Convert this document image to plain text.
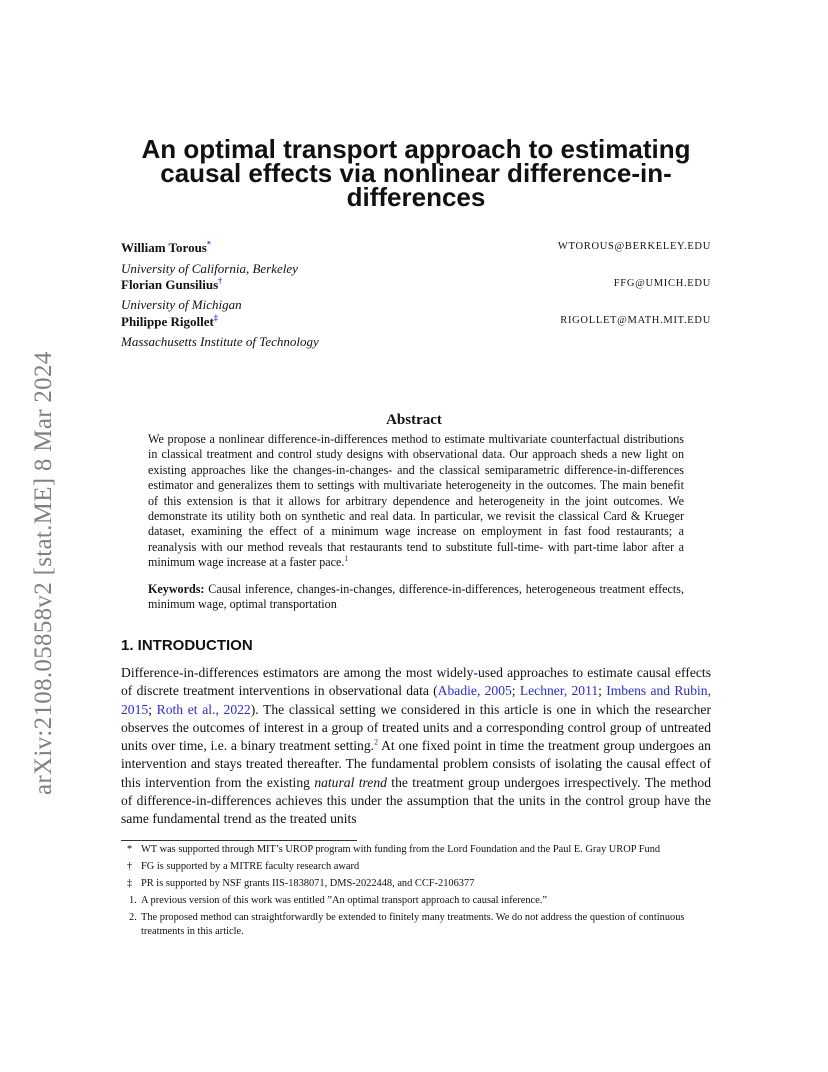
arXiv:2108.05858v2 [stat.ME] 8 Mar 2024
An optimal transport approach to estimating causal effects via nonlinear difference-in-differences
William Torous*	WTOROUS@BERKELEY.EDU
University of California, Berkeley
Florian Gunsilius†	FFG@UMICH.EDU
University of Michigan
Philippe Rigollet‡	RIGOLLET@MATH.MIT.EDU
Massachusetts Institute of Technology
Abstract

We propose a nonlinear difference-in-differences method to estimate multivariate counterfactual distributions in classical treatment and control study designs with observational data. Our approach sheds a new light on existing approaches like the changes-in-changes- and the classical semiparametric difference-in-differences estimator and generalizes them to settings with multivariate heterogeneity in the outcomes. The main benefit of this extension is that it allows for arbitrary dependence and heterogeneity in the joint outcomes. We demonstrate its utility both on synthetic and real data. In particular, we revisit the classical Card & Krueger dataset, examining the effect of a minimum wage increase on employment in fast food restaurants; a reanalysis with our method reveals that restaurants tend to substitute full-time- with part-time labor after a minimum wage increase at a faster pace.$^1$

Keywords: Causal inference, changes-in-changes, difference-in-differences, heterogeneous treatment effects, minimum wage, optimal transportation

1. INTRODUCTION

Difference-in-differences estimators are among the most widely-used approaches to estimate causal effects of discrete treatment interventions in observational data (Abadie, 2005; Lechner, 2011; Imbens and Rubin, 2015; Roth et al., 2022). The classical setting we considered in this article is one in which the researcher observes the outcomes of interest in a group of treated units and a corresponding control group of untreated units over time, i.e. a binary treatment setting.$^2$ At one fixed point in time the treatment group undergoes an intervention and stays treated thereafter. The fundamental problem consists of isolating the causal effect of this intervention from the existing natural trend the treatment group undergoes irrespectively. The method of difference-in-differences achieves this under the assumption that the units in the control group have the same fundamental trend as the treated units

* WT was supported through MIT’s UROP program with funding from the Lord Foundation and the Paul E. Gray UROP Fund
† FG is supported by a MITRE faculty research award
‡ PR is supported by NSF grants IIS-1838071, DMS-2022448, and CCF-2106377
1. A previous version of this work was entitled ”An optimal transport approach to causal inference.”
2. The proposed method can straightforwardly be extended to finitely many treatments. We do not address the question of continuous treatments in this article.
